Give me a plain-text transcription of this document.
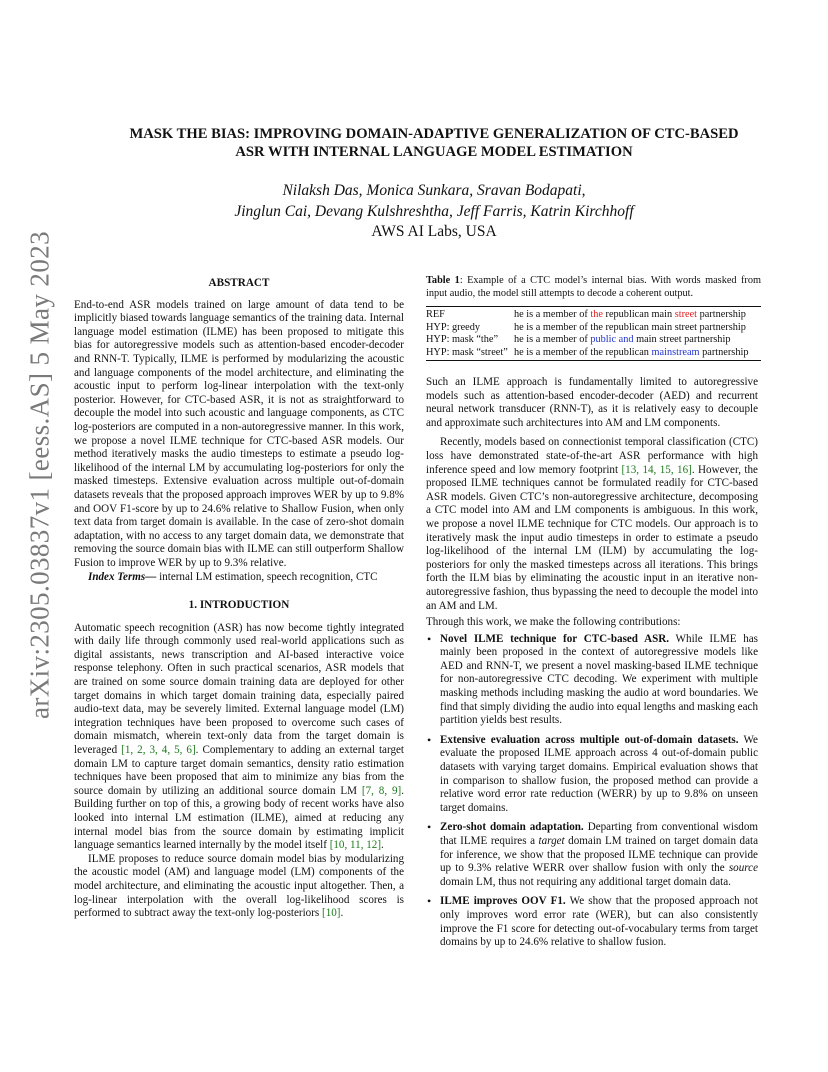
arXiv:2305.03837v1 [eess.AS] 5 May 2023
MASK THE BIAS: IMPROVING DOMAIN-ADAPTIVE GENERALIZATION OF CTC-BASED
ASR WITH INTERNAL LANGUAGE MODEL ESTIMATION
Nilaksh Das, Monica Sunkara, Sravan Bodapati,
Jinglun Cai, Devang Kulshreshtha, Jeff Farris, Katrin Kirchhoff
AWS AI Labs, USA
ABSTRACT

End-to-end ASR models trained on large amount of data tend to be implicitly biased towards language semantics of the training data. Internal language model estimation (ILME) has been proposed to mitigate this bias for autoregressive models such as attention-based encoder-decoder and RNN-T. Typically, ILME is performed by modularizing the acoustic and language components of the model architecture, and eliminating the acoustic input to perform log-linear interpolation with the text-only posterior. However, for CTC-based ASR, it is not as straightforward to decouple the model into such acoustic and language components, as CTC log-posteriors are computed in a non-autoregressive manner. In this work, we propose a novel ILME technique for CTC-based ASR models. Our method iteratively masks the audio timesteps to estimate a pseudo log-likelihood of the internal LM by accumulating log-posteriors for only the masked timesteps. Extensive evaluation across multiple out-of-domain datasets reveals that the proposed approach improves WER by up to 9.8% and OOV F1-score by up to 24.6% relative to Shallow Fusion, when only text data from target domain is available. In the case of zero-shot domain adaptation, with no access to any target domain data, we demonstrate that removing the source domain bias with ILME can still outperform Shallow Fusion to improve WER by up to 9.3% relative.

Index Terms— internal LM estimation, speech recognition, CTC

1. INTRODUCTION

Automatic speech recognition (ASR) has now become tightly integrated with daily life through commonly used real-world applications such as digital assistants, news transcription and AI-based interactive voice response telephony. Often in such practical scenarios, ASR models that are trained on some source domain training data are deployed for other target domains in which target domain training data, especially paired audio-text data, may be severely limited. External language model (LM) integration techniques have been proposed to overcome such cases of domain mismatch, wherein text-only data from the target domain is leveraged [1, 2, 3, 4, 5, 6]. Complementary to adding an external target domain LM to capture target domain semantics, density ratio estimation techniques have been proposed that aim to minimize any bias from the source domain by utilizing an additional source domain LM [7, 8, 9]. Building further on top of this, a growing body of recent works have also looked into internal LM estimation (ILME), aimed at reducing any internal model bias from the source domain by estimating implicit language semantics learned internally by the model itself [10, 11, 12].

ILME proposes to reduce source domain model bias by modularizing the acoustic model (AM) and language model (LM) components of the model architecture, and eliminating the acoustic input altogether. Then, a log-linear interpolation with the overall log-likelihood scores is performed to subtract away the text-only log-posteriors [10].

Table 1: Example of a CTC model’s internal bias. With words masked from input audio, the model still attempts to decode a coherent output.
REF	he is a member of the republican main street partnership
HYP: greedy	he is a member of the republican main street partnership
HYP: mask “the”	he is a member of public and main street partnership
HYP: mask “street”	he is a member of the republican mainstream partnership

Such an ILME approach is fundamentally limited to autoregressive models such as attention-based encoder-decoder (AED) and recurrent neural network transducer (RNN-T), as it is relatively easy to decouple and approximate such architectures into AM and LM components.

Recently, models based on connectionist temporal classification (CTC) loss have demonstrated state-of-the-art ASR performance with high inference speed and low memory footprint [13, 14, 15, 16]. However, the proposed ILME techniques cannot be formulated readily for CTC-based ASR models. Given CTC’s non-autoregressive architecture, decomposing a CTC model into AM and LM components is ambiguous. In this work, we propose a novel ILME technique for CTC models. Our approach is to iteratively mask the input audio timesteps in order to estimate a pseudo log-likelihood of the internal LM (ILM) by accumulating the log-posteriors for only the masked timesteps across all iterations. This brings forth the ILM bias by eliminating the acoustic input in an iterative non-autoregressive fashion, thus bypassing the need to decouple the model into an AM and LM.

Through this work, we make the following contributions:

• Novel ILME technique for CTC-based ASR. While ILME has mainly been proposed in the context of autoregressive models like AED and RNN-T, we present a novel masking-based ILME technique for non-autoregressive CTC decoding. We experiment with multiple masking methods including masking the audio at word boundaries. We find that simply dividing the audio into equal lengths and masking each partition yields best results.
• Extensive evaluation across multiple out-of-domain datasets. We evaluate the proposed ILME approach across 4 out-of-domain public datasets with varying target domains. Empirical evaluation shows that in comparison to shallow fusion, the proposed method can provide a relative word error rate reduction (WERR) by up to 9.8% on unseen target domains.
• Zero-shot domain adaptation. Departing from conventional wisdom that ILME requires a target domain LM trained on target domain data for inference, we show that the proposed ILME technique can provide up to 9.3% relative WERR over shallow fusion with only the source domain LM, thus not requiring any additional target domain data.
• ILME improves OOV F1. We show that the proposed approach not only improves word error rate (WER), but can also consistently improve the F1 score for detecting out-of-vocabulary terms from target domains by up to 24.6% relative to shallow fusion.
